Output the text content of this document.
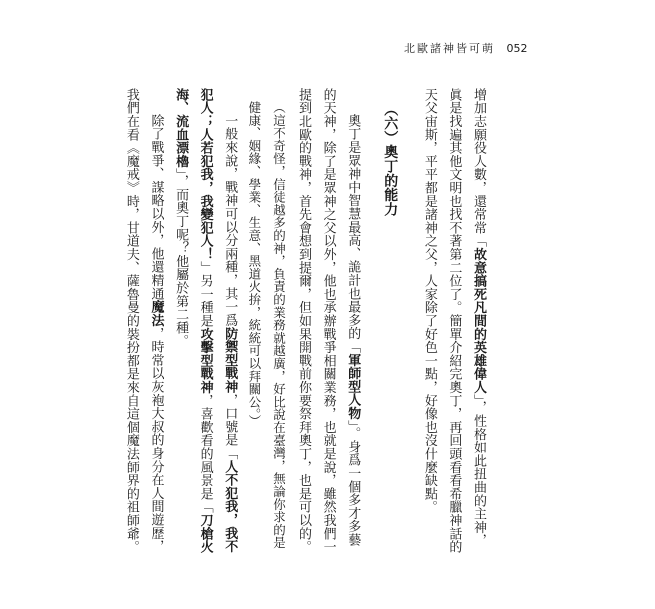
北歐諸神皆可萌 052

增加志願役人數，還常常「故意搞死凡間的英雄偉人」，性格如此扭曲的主神，眞是找遍其他文明也找不著第二位了。簡單介紹完奧丁，再回頭看看希臘神話的天父宙斯，平平都是諸神之父，人家除了好色一點，好像也沒什麼缺點。

（六）奧丁的能力

奧丁是眾神中智慧最高、詭計也最多的「軍師型人物」。身爲一個多才多藝的天神，除了是眾神之父以外，他也承辦戰爭相關業務，也就是說，雖然我們一提到北歐的戰神，首先會想到提爾，但如果開戰前你要祭拜奧丁，也是可以的。

（這不奇怪，信徒越多的神，負責的業務就越廣，好比說在臺灣，無論你求的是健康、姻緣、學業、生意、黑道火拚，統統可以拜關公。）

一般來說，戰神可以分兩種，其一爲防禦型戰神，口號是「人不犯我，我不犯人；人若犯我，我變犯人！」另一種是攻擊型戰神，喜歡看的風景是「刀槍火海、流血漂櫓」，而奧丁呢？他屬於第二種。

除了戰爭、謀略以外，他還精通魔法，時常以灰袍大叔的身分在人間遊歷，我們在看《魔戒》時，甘道夫、薩魯曼的裝扮都是來自這個魔法師界的祖師爺。
